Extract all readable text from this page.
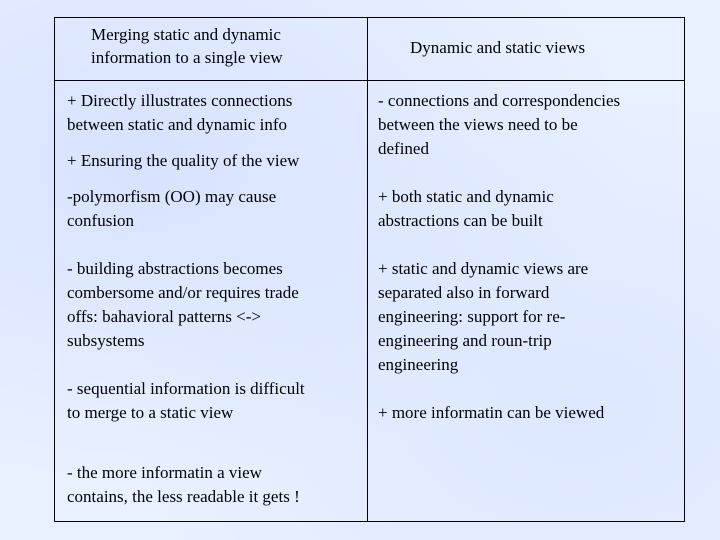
Merging static and dynamic
information to a single view
Dynamic and static views
+ Directly illustrates connections
between static and dynamic info
+ Ensuring the quality of the view
-polymorfism (OO) may cause
confusion
- building abstractions becomes
combersome and/or requires trade
offs: bahavioral patterns <->
subsystems
- sequential information is difficult
to merge to a static view
- the more informatin a view
contains, the less readable it gets !
- connections and correspondencies
between the views need to be
defined
+ both static and dynamic
abstractions can be built
+ static and dynamic views are
separated also in forward
engineering: support for re-
engineering and roun-trip
engineering
+ more informatin can be viewed
